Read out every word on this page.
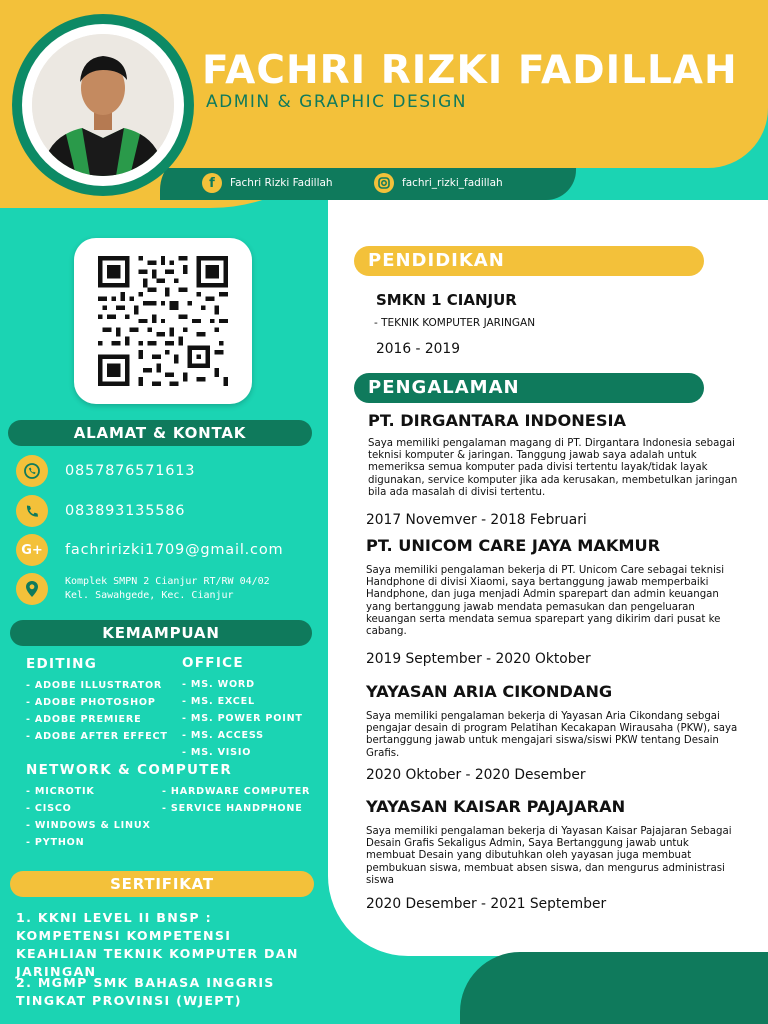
FACHRI RIZKI FADILLAH
ADMIN & GRAPHIC DESIGN
f	Fachri Rizki Fadillah	fachri_rizki_fadillah
ALAMAT & KONTAK
0857876571613
083893135586
G+	fachririzki1709@gmail.com
Komplek SMPN 2 Cianjur RT/RW 04/02
Kel. Sawahgede, Kec. Cianjur
KEMAMPUAN
EDITING
- ADOBE ILLUSTRATOR
- ADOBE PHOTOSHOP
- ADOBE PREMIERE
- ADOBE AFTER EFFECT
OFFICE
- MS. WORD
- MS. EXCEL
- MS. POWER POINT
- MS. ACCESS
- MS. VISIO
NETWORK & COMPUTER
- MICROTIK
- CISCO
- WINDOWS & LINUX
- PYTHON
- HARDWARE COMPUTER
- SERVICE HANDPHONE
SERTIFIKAT
1. KKNI LEVEL II BNSP : KOMPETENSI KOMPETENSI KEAHLIAN TEKNIK KOMPUTER DAN JARINGAN
2. MGMP SMK BAHASA INGGRIS TINGKAT PROVINSI (WJEPT)
PENDIDIKAN
SMKN 1 CIANJUR
- TEKNIK KOMPUTER JARINGAN
2016 - 2019
PENGALAMAN
PT. DIRGANTARA INDONESIA
Saya memiliki pengalaman magang di PT. Dirgantara Indonesia sebagai teknisi komputer & jaringan. Tanggung jawab saya adalah untuk memeriksa semua komputer pada divisi tertentu layak/tidak layak digunakan, service komputer jika ada kerusakan, membetulkan jaringan bila ada masalah di divisi tertentu.
2017 Novemver - 2018 Februari
PT. UNICOM CARE JAYA MAKMUR
Saya memiliki pengalaman bekerja di PT. Unicom Care sebagai teknisi Handphone di divisi Xiaomi, saya bertanggung jawab memperbaiki Handphone, dan juga menjadi Admin sparepart dan admin keuangan yang bertanggung jawab mendata pemasukan dan pengeluaran keuangan serta mendata semua sparepart yang dikirim dari pusat ke cabang.
2019 September - 2020 Oktober
YAYASAN ARIA CIKONDANG
Saya memiliki pengalaman bekerja di Yayasan Aria Cikondang sebgai pengajar desain di program Pelatihan Kecakapan Wirausaha (PKW), saya bertanggung jawab untuk mengajari siswa/siswi PKW tentang Desain Grafis.
2020 Oktober - 2020 Desember
YAYASAN KAISAR PAJAJARAN
Saya memiliki pengalaman bekerja di Yayasan Kaisar Pajajaran Sebagai Desain Grafis Sekaligus Admin, Saya Bertanggung jawab untuk membuat Desain yang dibutuhkan oleh yayasan juga membuat pembukuan siswa, membuat absen siswa, dan mengurus administrasi siswa
2020 Desember - 2021 September
